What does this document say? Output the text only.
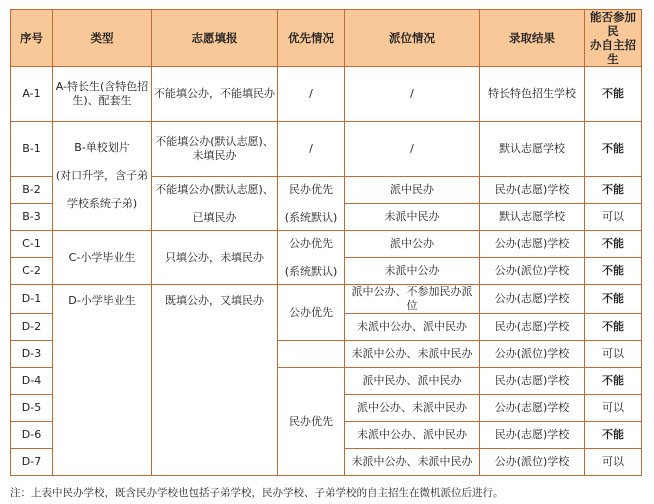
序号	类型	志愿填报	优先情况	派位情况	录取结果	能否参加民
办自主招生
A-1	A-特长生(含特色招
生)、配套生	不能填公办，不能填民办	/	/	特长特色招生学校	不能
B-1	B-单校划片

(对口升学，含子弟

学校系统子弟)	不能填公办(默认志愿)、
未填民办	/	/	默认志愿学校	不能
B-2		不能填公办(默认志愿)、

已填民办	民办优先

(系统默认)	派中民办	民办(志愿)学校	不能
B-3				未派中民办	默认志愿学校	可以
C-1	C-小学毕业生	只填公办，未填民办	公办优先

(系统默认)	派中公办	公办(志愿)学校	不能
C-2				未派中公办	公办(派位)学校	不能
D-1	D-小学毕业生	既填公办，又填民办	公办优先	派中公办、不参加民办派位	公办(志愿)学校	不能
D-2				未派中公办、派中民办	民办(志愿)学校	不能
D-3				未派中公办、未派中民办	公办(派位)学校	可以
D-4			民办优先	派中民办、派中民办	民办(志愿)学校	不能
D-5				派中公办、未派中民办	公办(志愿)学校	可以
D-6				未派中公办、派中民办	民办(志愿)学校	不能
D-7				未派中公办、未派中民办	公办(派位)学校	可以
注：上表中民办学校，既含民办学校也包括子弟学校，民办学校、子弟学校的自主招生在微机派位后进行。
